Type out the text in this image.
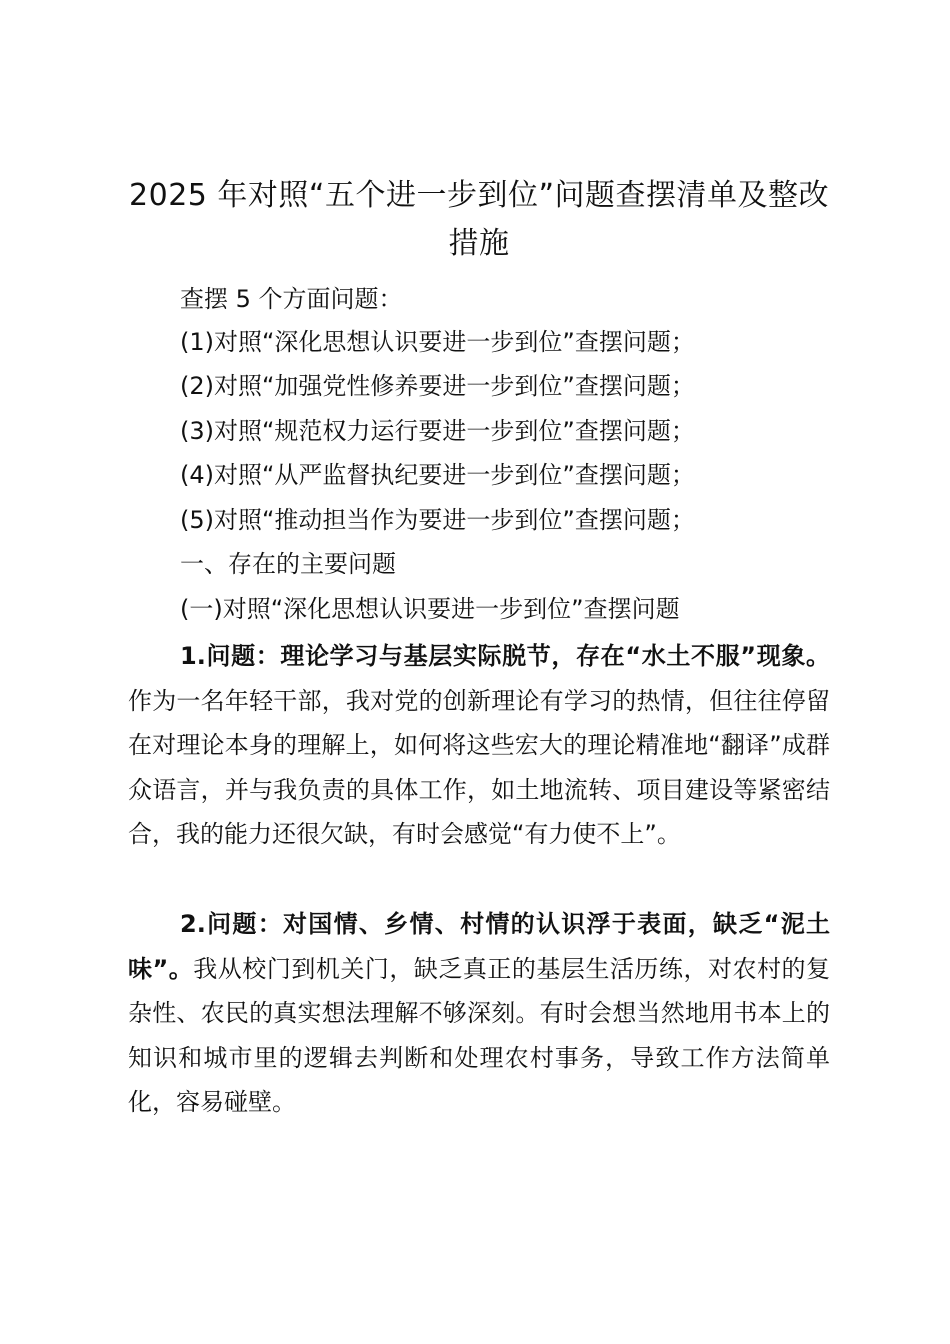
2025 年对照“五个进一步到位”问题查摆清单及整改措施
查摆 5 个方面问题：
(1)对照“深化思想认识要进一步到位”查摆问题；
(2)对照“加强党性修养要进一步到位”查摆问题；
(3)对照“规范权力运行要进一步到位”查摆问题；
(4)对照“从严监督执纪要进一步到位”查摆问题；
(5)对照“推动担当作为要进一步到位”查摆问题；
一、存在的主要问题
(一)对照“深化思想认识要进一步到位”查摆问题
1.问题：理论学习与基层实际脱节，存在“水土不服”现象。作为一名年轻干部，我对党的创新理论有学习的热情，但往往停留在对理论本身的理解上，如何将这些宏大的理论精准地“翻译”成群众语言，并与我负责的具体工作，如土地流转、项目建设等紧密结合，我的能力还很欠缺，有时会感觉“有力使不上”。
2.问题：对国情、乡情、村情的认识浮于表面，缺乏“泥土味”。我从校门到机关门，缺乏真正的基层生活历练，对农村的复杂性、农民的真实想法理解不够深刻。有时会想当然地用书本上的知识和城市里的逻辑去判断和处理农村事务，导致工作方法简单化，容易碰壁。
